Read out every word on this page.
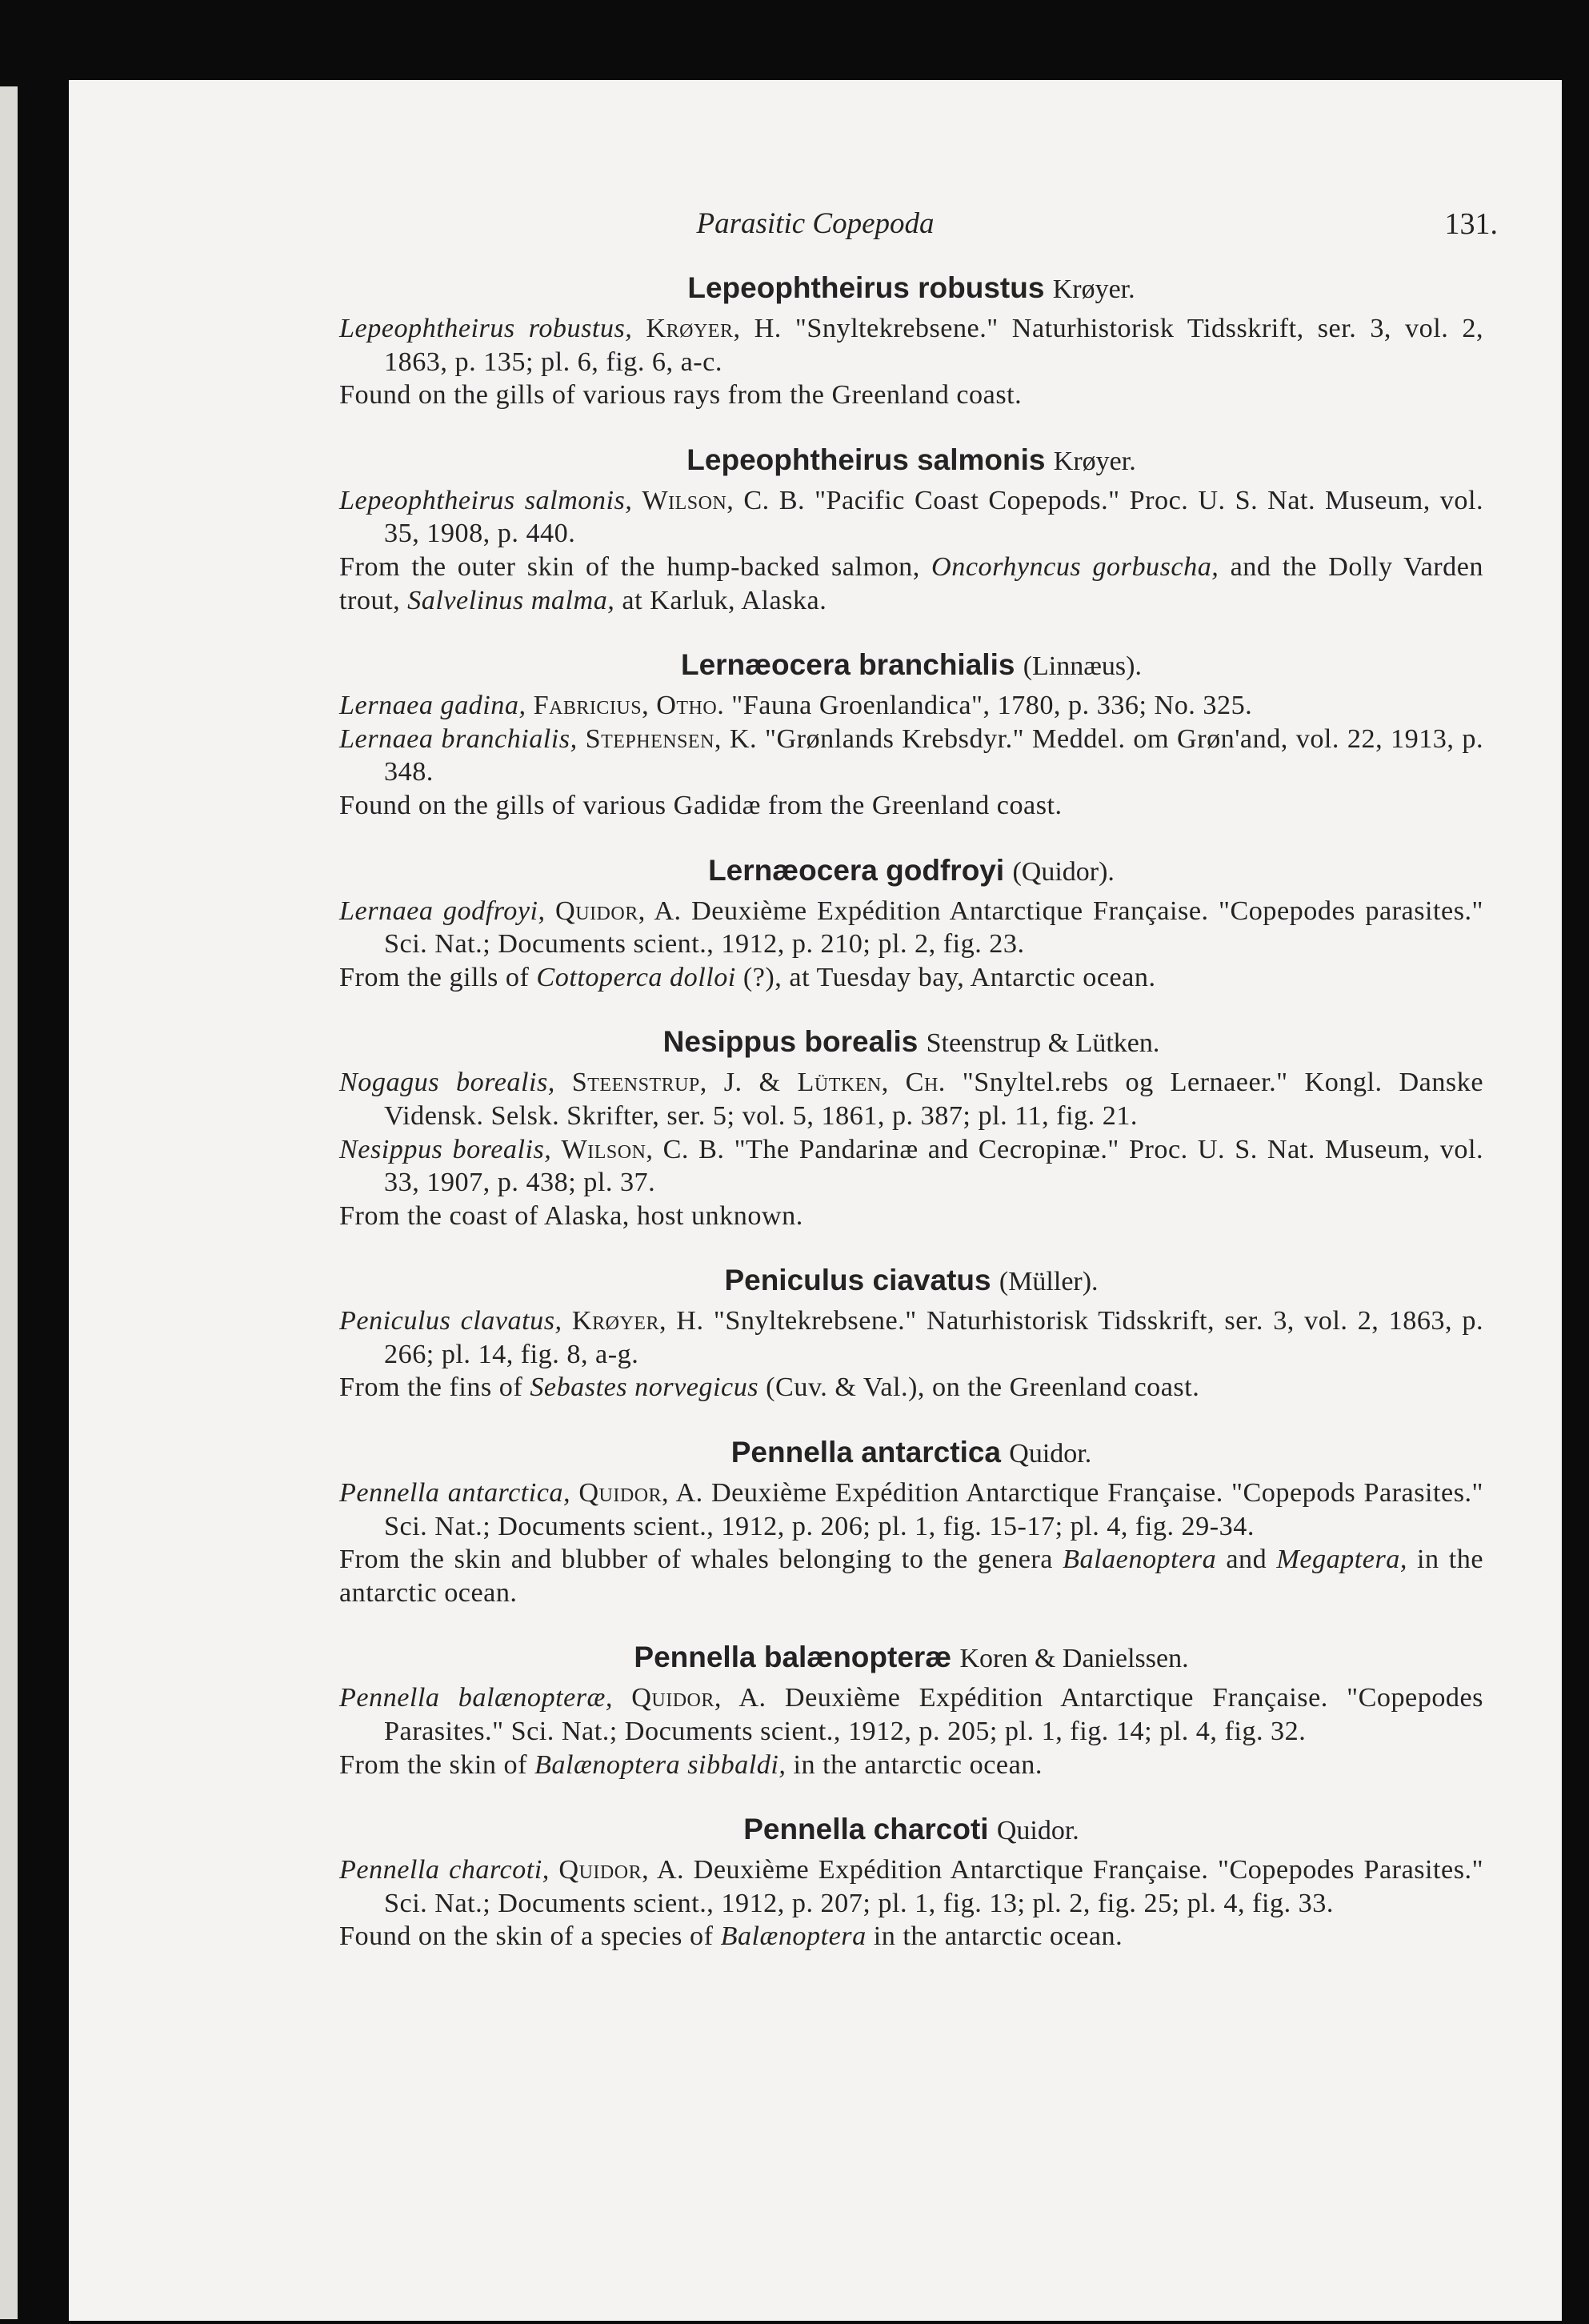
Parasitic Copepoda	131.
Lepeophtheirus robustus Krøyer.
Lepeophtheirus robustus, Krøyer, H. "Snyltekrebsene." Naturhistorisk Tidsskrift, ser. 3, vol. 2, 1863, p. 135; pl. 6, fig. 6, a-c.
Found on the gills of various rays from the Greenland coast.
Lepeophtheirus salmonis Krøyer.
Lepeophtheirus salmonis, Wilson, C. B. "Pacific Coast Copepods." Proc. U. S. Nat. Museum, vol. 35, 1908, p. 440.
From the outer skin of the hump-backed salmon, Oncorhyncus gorbuscha, and the Dolly Varden trout, Salvelinus malma, at Karluk, Alaska.
Lernæocera branchialis (Linnæus).
Lernaea gadina, Fabricius, Otho. "Fauna Groenlandica", 1780, p. 336; No. 325.
Lernaea branchialis, Stephensen, K. "Grønlands Krebsdyr." Meddel. om Grøn'and, vol. 22, 1913, p. 348.
Found on the gills of various Gadidæ from the Greenland coast.
Lernæocera godfroyi (Quidor).
Lernaea godfroyi, Quidor, A. Deuxième Expédition Antarctique Française. "Copepodes parasites." Sci. Nat.; Documents scient., 1912, p. 210; pl. 2, fig. 23.
From the gills of Cottoperca dolloi (?), at Tuesday bay, Antarctic ocean.
Nesippus borealis Steenstrup & Lütken.
Nogagus borealis, Steenstrup, J. & Lütken, Ch. "Snyltel.rebs og Lernaeer." Kongl. Danske Vidensk. Selsk. Skrifter, ser. 5; vol. 5, 1861, p. 387; pl. 11, fig. 21.
Nesippus borealis, Wilson, C. B. "The Pandarinæ and Cecropinæ." Proc. U. S. Nat. Museum, vol. 33, 1907, p. 438; pl. 37.
From the coast of Alaska, host unknown.
Peniculus ciavatus (Müller).
Peniculus clavatus, Krøyer, H. "Snyltekrebsene." Naturhistorisk Tidsskrift, ser. 3, vol. 2, 1863, p. 266; pl. 14, fig. 8, a-g.
From the fins of Sebastes norvegicus (Cuv. & Val.), on the Greenland coast.
Pennella antarctica Quidor.
Pennella antarctica, Quidor, A. Deuxième Expédition Antarctique Française. "Copepods Parasites." Sci. Nat.; Documents scient., 1912, p. 206; pl. 1, fig. 15-17; pl. 4, fig. 29-34.
From the skin and blubber of whales belonging to the genera Balaenoptera and Megaptera, in the antarctic ocean.
Pennella balænopteræ Koren & Danielssen.
Pennella balænopteræ, Quidor, A. Deuxième Expédition Antarctique Française. "Copepodes Parasites." Sci. Nat.; Documents scient., 1912, p. 205; pl. 1, fig. 14; pl. 4, fig. 32.
From the skin of Balænoptera sibbaldi, in the antarctic ocean.
Pennella charcoti Quidor.
Pennella charcoti, Quidor, A. Deuxième Expédition Antarctique Française. "Copepodes Parasites." Sci. Nat.; Documents scient., 1912, p. 207; pl. 1, fig. 13; pl. 2, fig. 25; pl. 4, fig. 33.
Found on the skin of a species of Balænoptera in the antarctic ocean.
